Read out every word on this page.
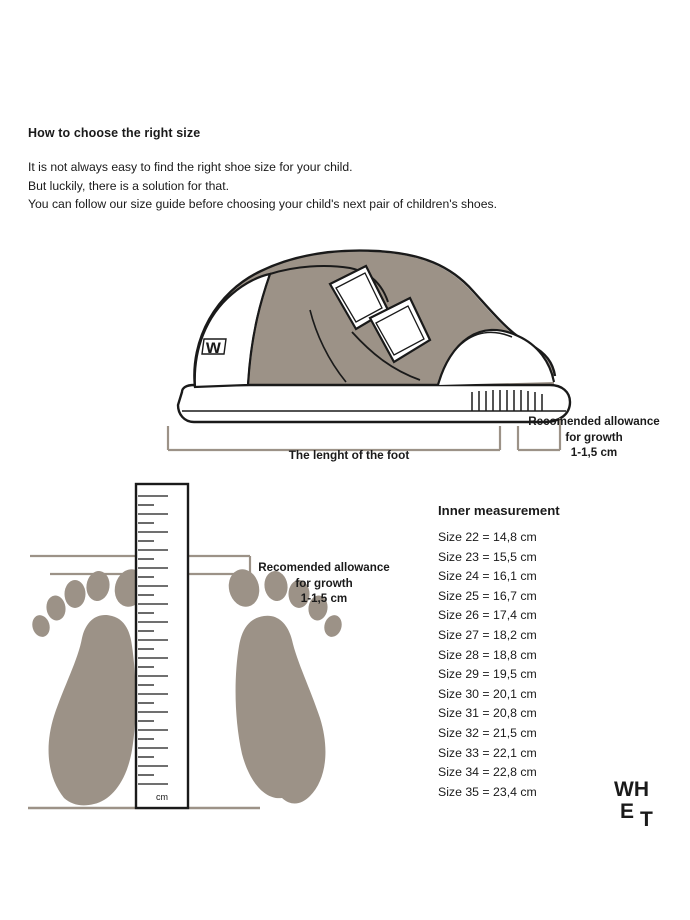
How to choose the right size
It is not always easy to find the right shoe size for your child.
But luckily, there is a solution for that.
You can follow our size guide before choosing your child's next pair of children's shoes.
w
The lenght of the foot
Recomended allowance
for growth
1-1,5 cm
cm
Recomended allowance
for growth
1-1,5 cm
Inner measurement
Size 22 = 14,8 cm
Size 23 = 15,5 cm
Size 24 = 16,1 cm
Size 25 = 16,7 cm
Size 26 = 17,4 cm
Size 27 = 18,2 cm
Size 28 = 18,8 cm
Size 29 = 19,5 cm
Size 30 = 20,1 cm
Size 31 = 20,8 cm
Size 32 = 21,5 cm
Size 33 = 22,1 cm
Size 34 = 22,8 cm
Size 35 = 23,4 cm	WH
E T
